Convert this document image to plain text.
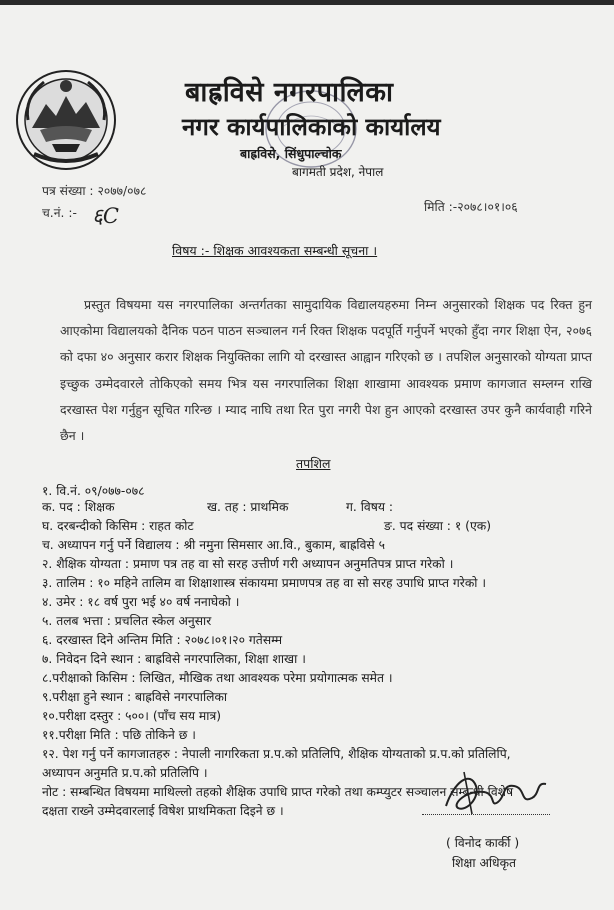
बाह्रविसे नगरपालिका
नगर कार्यपालिकाको कार्यालय
बाह्रविसे, सिंधुपाल्चोक
बागमती प्रदेश, नेपाल
पत्र संख्या : २०७७/०७८
च.नं. :- ६C	मिति :-२०७८।०१।०६
विषय :- शिक्षक आवश्यकता सम्बन्धी सूचना ।

प्रस्तुत विषयमा यस नगरपालिका अन्तर्गतका सामुदायिक विद्यालयहरुमा निम्न अनुसारको शिक्षक पद रिक्त हुन आएकोमा विद्यालयको दैनिक पठन पाठन सञ्चालन गर्न रिक्त शिक्षक पदपूर्ति गर्नुपर्ने भएको हुँदा नगर शिक्षा ऐन, २०७६ को दफा ४० अनुसार करार शिक्षक नियुक्तिका लागि यो दरखास्त आह्वान गरिएको छ । तपशिल अनुसारको योग्यता प्राप्त इच्छुक उम्मेदवारले तोकिएको समय भित्र यस नगरपालिका शिक्षा शाखामा आवश्यक प्रमाण कागजात सम्लग्न राखि दरखास्त पेश गर्नुहुन सूचित गरिन्छ । म्याद नाघि तथा रित पुरा नगरी पेश हुन आएको दरखास्त उपर कुनै कार्यवाही गरिने छैन ।

तपशिल
१. वि.नं. ०९/०७७-०७८
क. पद : शिक्षक	ख. तह : प्राथमिक	ग. विषय :
घ. दरबन्दीको किसिम : राहत कोट	ङ. पद संख्या : १ (एक)
च. अध्यापन गर्नु पर्ने विद्यालय : श्री नमुना सिमसार आ.वि., बुकाम, बाह्रविसे ५
२. शैक्षिक योग्यता : प्रमाण पत्र तह वा सो सरह उत्तीर्ण गरी अध्यापन अनुमतिपत्र प्राप्त गरेको ।
३. तालिम : १० महिने तालिम वा शिक्षाशास्त्र संकायमा प्रमाणपत्र तह वा सो सरह उपाधि प्राप्त गरेको ।
४. उमेर : १८ वर्ष पुरा भई ४० वर्ष ननाघेको ।
५. तलब भत्ता : प्रचलित स्केल अनुसार
६. दरखास्त दिने अन्तिम मिति : २०७८।०१।२० गतेसम्म
७. निवेदन दिने स्थान : बाह्रविसे नगरपालिका, शिक्षा शाखा ।
८.परीक्षाको किसिम : लिखित, मौखिक तथा आवश्यक परेमा प्रयोगात्मक समेत ।
९.परीक्षा हुने स्थान : बाह्रविसे नगरपालिका
१०.परीक्षा दस्तुर : ५००। (पाँच सय मात्र)
११.परीक्षा मिति : पछि तोकिने छ ।
१२. पेश गर्नु पर्ने कागजातहरु : नेपाली नागरिकता प्र.प.को प्रतिलिपि, शैक्षिक योग्यताको प्र.प.को प्रतिलिपि,
अध्यापन अनुमति प्र.प.को प्रतिलिपि ।
नोट : सम्बन्धित विषयमा माथिल्लो तहको शैक्षिक उपाधि प्राप्त गरेको तथा कम्प्युटर सञ्चालन सम्बन्धी विशेष
दक्षता राख्ने उम्मेदवारलाई विषेश प्राथमिकता दिइने छ ।
( विनोद कार्की )
शिक्षा अधिकृत
